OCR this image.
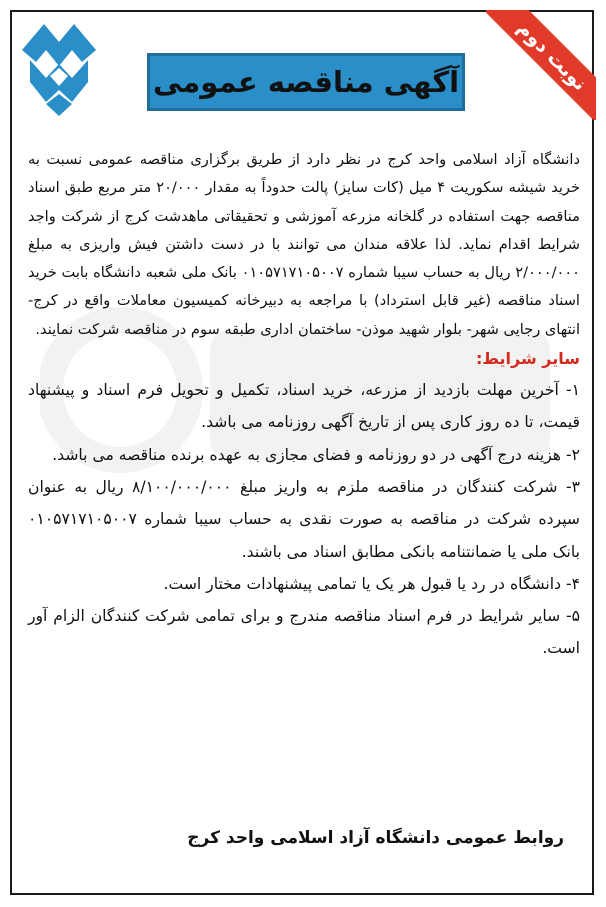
آگهی مناقصه عمومی	نوبت دوم

دانشگاه آزاد اسلامی واحد کرج در نظر دارد از طریق برگزاری مناقصه عمومی نسبت به خرید شیشه سکوریت ۴ میل (کات سایز) پالت حدوداً به مقدار ۲۰/۰۰۰ متر مربع طبق اسناد مناقصه جهت استفاده در گلخانه مزرعه آموزشی و تحقیقاتی ماهدشت کرج از شرکت واجد شرایط اقدام نماید. لذا علاقه مندان می توانند با در دست داشتن فیش واریزی به مبلغ ۲/۰۰۰/۰۰۰ ریال به حساب سیبا شماره ۰۱۰۵۷۱۷۱۰۵۰۰۷ بانک ملی شعبه دانشگاه بابت خرید اسناد مناقصه (غیر قابل استرداد) با مراجعه به دبیرخانه کمیسیون معاملات واقع در کرج- انتهای رجایی شهر- بلوار شهید موذن- ساختمان اداری طبقه سوم در مناقصه شرکت نمایند.

سایر شرایط:

۱- آخرین مهلت بازدید از مزرعه، خرید اسناد، تکمیل و تحویل فرم اسناد و پیشنهاد قیمت، تا ده روز کاری پس از تاریخ آگهی روزنامه می باشد.
۲- هزینه درج آگهی در دو روزنامه و فضای مجازی به عهده برنده مناقصه می باشد.
۳- شرکت کنندگان در مناقصه ملزم به واریز مبلغ ۸/۱۰۰/۰۰۰/۰۰۰ ریال به عنوان سپرده شرکت در مناقصه به صورت نقدی به حساب سیبا شماره ۰۱۰۵۷۱۷۱۰۵۰۰۷ بانک ملی یا ضمانتنامه بانکی مطابق اسناد می باشند.
۴- دانشگاه در رد یا قبول هر یک یا تمامی پیشنهادات مختار است.
۵- سایر شرایط در فرم اسناد مناقصه مندرج و برای تمامی شرکت کنندگان الزام آور است.
روابط عمومی دانشگاه آزاد اسلامی واحد کرج
